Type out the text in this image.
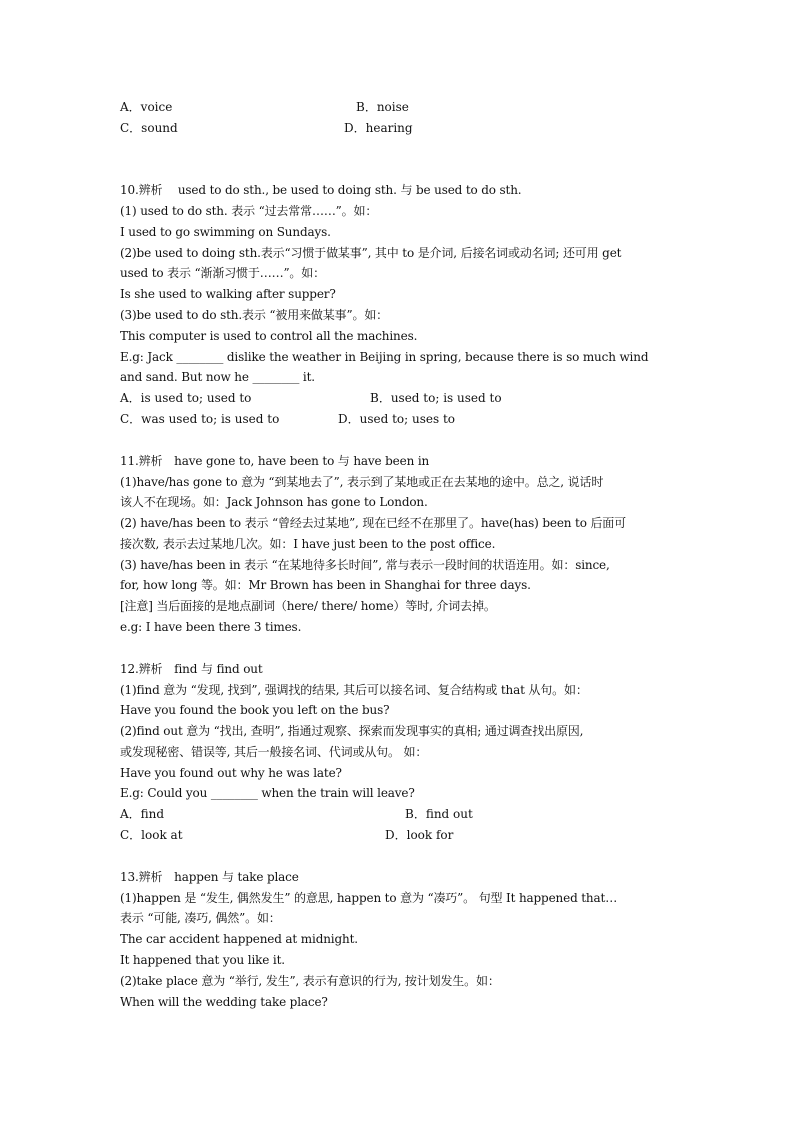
A．voice	B．noise
C．sound	D．hearing
10.辨析　 used to do sth., be used to doing sth. 与 be used to do sth.
(1) used to do sth. 表示 “过去常常……”。如：
I used to go swimming on Sundays.
(2)be used to doing sth.表示“习惯于做某事”, 其中 to 是介词, 后接名词或动名词; 还可用 get
used to 表示 “渐渐习惯于……”。如：
Is she used to walking after supper?
(3)be used to do sth.表示 “被用来做某事”。如：
This computer is used to control all the machines.
E.g: Jack ________ dislike the weather in Beijing in spring, because there is so much wind
and sand. But now he ________ it.
A．is used to; used to	B．used to; is used to
C．was used to; is used to	D．used to; uses to
11.辨析　have gone to, have been to 与 have been in
(1)have/has gone to 意为 “到某地去了”, 表示到了某地或正在去某地的途中。总之, 说话时
该人不在现场。如：Jack Johnson has gone to London.
(2) have/has been to 表示 “曾经去过某地”, 现在已经不在那里了。have(has) been to 后面可
接次数, 表示去过某地几次。如：I have just been to the post office.
(3) have/has been in 表示 “在某地待多长时间”, 常与表示一段时间的状语连用。如：since,
for, how long 等。如：Mr Brown has been in Shanghai for three days.
[注意] 当后面接的是地点副词（here/ there/ home）等时, 介词去掉。
e.g: I have been there 3 times.
12.辨析　find 与 find out
(1)find 意为 “发现, 找到”, 强调找的结果, 其后可以接名词、复合结构或 that 从句。如：
Have you found the book you left on the bus?
(2)find out 意为 “找出, 查明”, 指通过观察、探索而发现事实的真相; 通过调查找出原因,
或发现秘密、错误等, 其后一般接名词、代词或从句。 如：
Have you found out why he was late?
E.g: Could you ________ when the train will leave?
A．find	B．find out
C．look at	D．look for
13.辨析　happen 与 take place
(1)happen 是 “发生, 偶然发生” 的意思, happen to 意为 “凑巧”。 句型 It happened that…
表示 “可能, 凑巧, 偶然”。如：
The car accident happened at midnight.
It happened that you like it.
(2)take place 意为 “举行, 发生”, 表示有意识的行为, 按计划发生。如：
When will the wedding take place?
